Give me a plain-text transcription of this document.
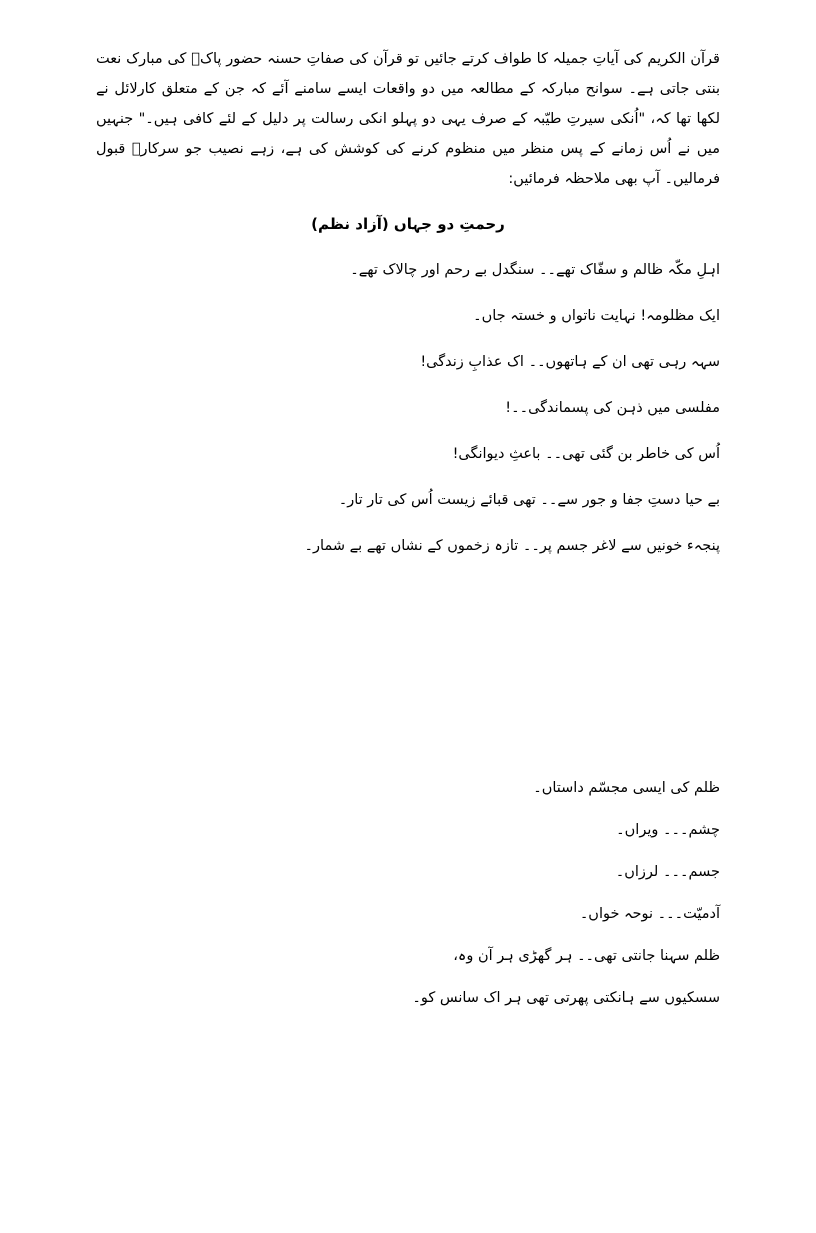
قرآن الکریم کی آیاتِ جمیلہ کا طواف کرتے جائیں تو قرآن کی صفاتِ حسنہ حضور پاکؐ کی مبارک نعت بنتی جاتی ہے۔ سوانح مبارکہ کے مطالعہ میں دو واقعات ایسے سامنے آئے کہ جن کے متعلق کارلائل نے لکھا تھا کہ، "اُنکی سیرتِ طیّبہ کے صرف یہی دو پہلو انکی رسالت پر دلیل کے لئے کافی ہیں۔" جنہیں میں نے اُس زمانے کے پس منظر میں منظوم کرنے کی کوشش کی ہے، زہے نصیب جو سرکارؐ قبول فرمالیں۔ آپ بھی ملاحظہ فرمائیں:

رحمتِ دو جہاں (آزاد نظم)
اہلِ مکّہ ظالم و سفّاک تھے۔۔ سنگدل بے رحم اور چالاک تھے۔
ایک مظلومہ! نہایت ناتواں و خستہ جاں۔
سہہ رہی تھی ان کے ہاتھوں۔۔ اک عذابِ زندگی!
مفلسی میں ذہن کی پسماندگی۔۔!
اُس کی خاطر بن گئی تھی۔۔ باعثِ دیوانگی!
بے حیا دستِ جفا و جور سے۔۔ تھی قبائے زیست اُس کی تار تار۔
پنجہء خونیں سے لاغر جسم پر۔۔ تازہ زخموں کے نشاں تھے بے شمار۔
ظلم کی ایسی مجسّم داستاں۔
چشم۔۔۔ ویراں۔
جسم۔۔۔ لرزاں۔
آدمیّت۔۔۔ نوحہ خواں۔
ظلم سہنا جانتی تھی۔۔ ہر گھڑی ہر آن وہ،
سسکیوں سے ہانکتی پھرتی تھی ہر اک سانس کو۔
